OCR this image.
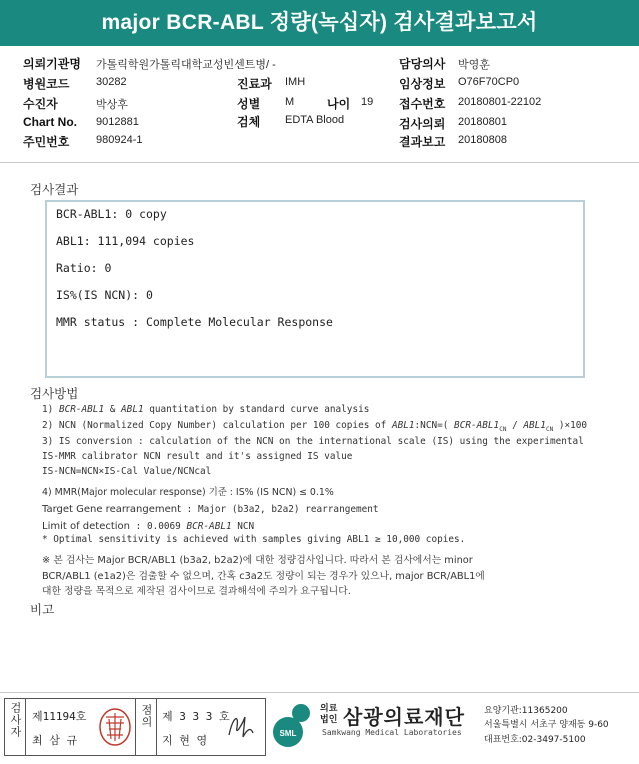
major BCR-ABL 정량(녹십자) 검사결과보고서
의뢰기관명 가톨릭학원가톨릭대학교성빈센트병/ -
병원코드 30282
수진자	박상후
Chart No. 9012881
주민번호 980924-1
진료과 IMH
성별 M	나이 19
검체 EDTA Blood
담당의사 박영훈
임상정보 O76F70CP0
접수번호 20180801-22102
검사의뢰 20180801
결과보고 20180808
검사결과
BCR-ABL1: 0 copy
ABL1: 111,094 copies
Ratio: 0
IS%(IS NCN): 0
MMR status : Complete Molecular Response
검사방법
1) BCR-ABL1 & ABL1 quantitation by standard curve analysis
2) NCN (Normalized Copy Number) calculation per 100 copies of ABL1:NCN=( BCR-$ABL1_{CN} / ABL1_{CN}$ )×100
3) IS conversion : calculation of the NCN on the international scale (IS) using the experimental
IS-MMR calibrator NCN result and it's assigned IS value
IS-NCN=NCN×IS-Cal Value/NCNcal
4) MMR(Major molecular response) 기준 : IS% (IS NCN) ≤ 0.1%
Target Gene rearrangement : Major (b3a2, b2a2) rearrangement
Limit of detection : 0.0069 BCR-ABL1 NCN
* Optimal sensitivity is achieved with samples giving ABL1 ≥ 10,000 copies.
※ 본 검사는 Major BCR/ABL1 (b3a2, b2a2)에 대한 정량검사입니다. 따라서 본 검사에서는 minor
BCR/ABL1 (e1a2)은 검출할 수 없으며, 간혹 c3a2도 정량이 되는 경우가 있으나, major BCR/ABL1에
대한 정량을 목적으로 제작된 검사이므로 결과해석에 주의가 요구됩니다.
비고
검사자 제11194호
최 삼 규
점의 제 3 3 3 호
지 현 영
SML
의료
법인 삼광의료재단
Samkwang Medical Laboratories
요양기관:11365200
서울특별시 서초구 양재동 9-60
대표번호:02-3497-5100
